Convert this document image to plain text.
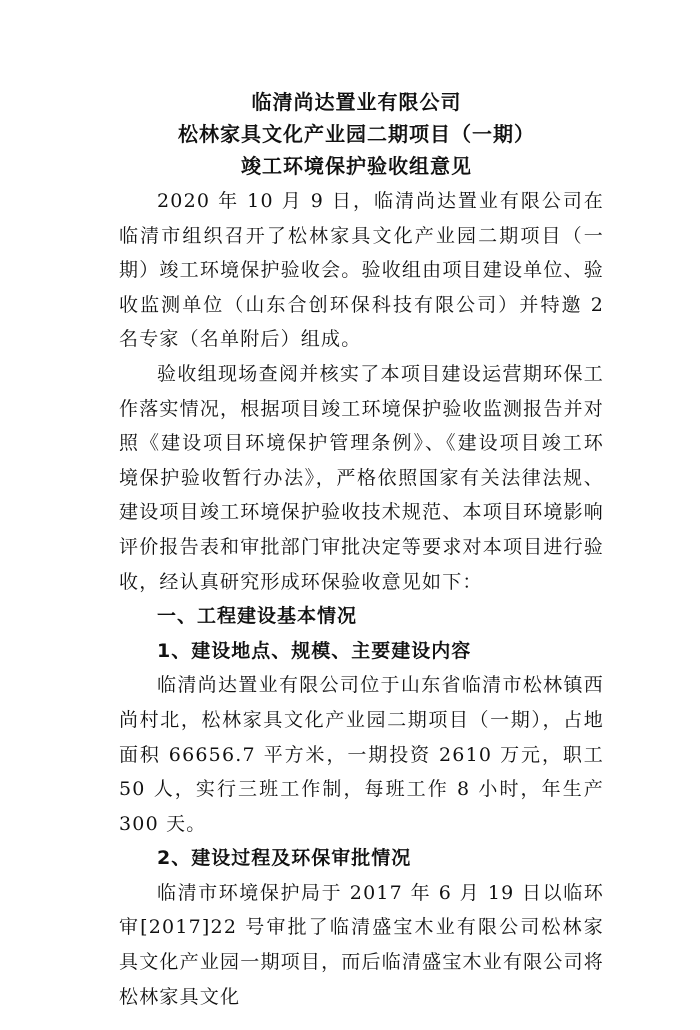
临清尚达置业有限公司
松林家具文化产业园二期项目（一期）
竣工环境保护验收组意见

2020 年 10 月 9 日，临清尚达置业有限公司在临清市组织召开了松林家具文化产业园二期项目（一期）竣工环境保护验收会。验收组由项目建设单位、验收监测单位（山东合创环保科技有限公司）并特邀 2 名专家（名单附后）组成。

验收组现场查阅并核实了本项目建设运营期环保工作落实情况，根据项目竣工环境保护验收监测报告并对照《建设项目环境保护管理条例》、《建设项目竣工环境保护验收暂行办法》，严格依照国家有关法律法规、建设项目竣工环境保护验收技术规范、本项目环境影响评价报告表和审批部门审批决定等要求对本项目进行验收，经认真研究形成环保验收意见如下：

一、工程建设基本情况

1、建设地点、规模、主要建设内容

临清尚达置业有限公司位于山东省临清市松林镇西尚村北，松林家具文化产业园二期项目（一期），占地面积 66656.7 平方米，一期投资 2610 万元，职工 50 人，实行三班工作制，每班工作 8 小时，年生产 300 天。

2、建设过程及环保审批情况

临清市环境保护局于 2017 年 6 月 19 日以临环审[2017]22 号审批了临清盛宝木业有限公司松林家具文化产业园一期项目，而后临清盛宝木业有限公司将松林家具文化
